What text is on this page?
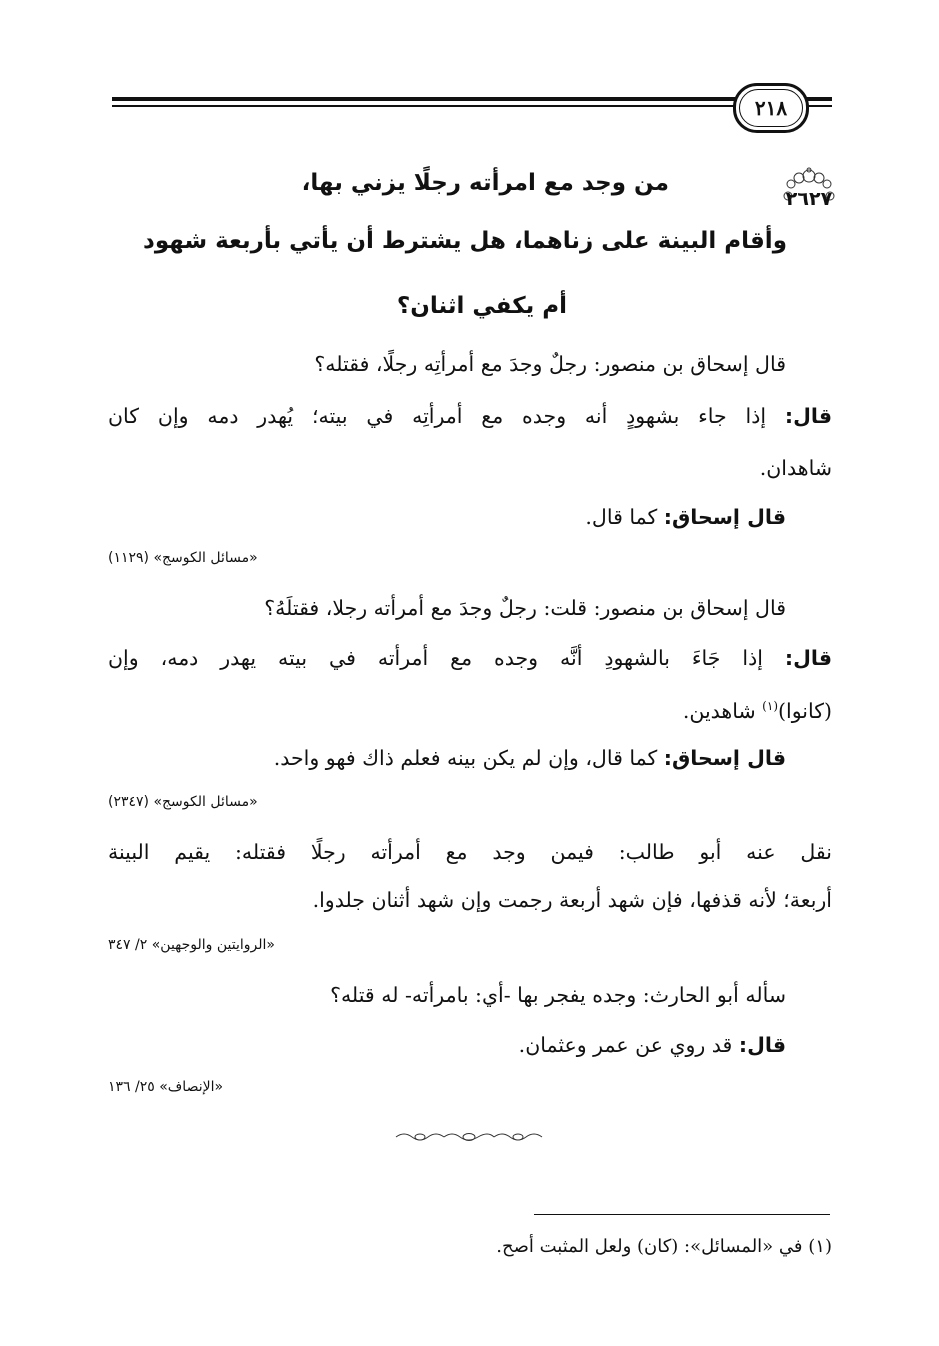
٢١٨
٢٦٢٧
من وجد مع امرأته رجلًا يزني بها،
وأقام البينة على زناهما، هل يشترط أن يأتي بأربعة شهود
أم يكفي اثنان؟
قال إسحاق بن منصور: رجلٌ وجدَ مع أمرأتِه رجلًا، فقتله؟
قال: إذا جاء بشهودٍ أنه وجده مع أمرأتِه في بيته؛ يُهدر دمه وإن كان
شاهدان.
قال إسحاق: كما قال.
«مسائل الكوسج» (١١٢٩)
قال إسحاق بن منصور: قلت: رجلٌ وجدَ مع أمرأته رجلا، فقتلَهُ؟
قال: إذا جَاءَ بالشهودِ أنَّه وجده مع أمرأته في بيته يهدر دمه، وإن
(كانوا)$^{(١)}$ شاهدين.
قال إسحاق: كما قال، وإن لم يكن بينه فعلم ذاك فهو واحد.
«مسائل الكوسج» (٢٣٤٧)
نقل عنه أبو طالب: فيمن وجد مع أمرأته رجلًا فقتله: يقيم البينة
أربعة؛ لأنه قذفها، فإن شهد أربعة رجمت وإن شهد أثنان جلدوا.
«الروايتين والوجهين» ٢/ ٣٤٧
سأله أبو الحارث: وجده يفجر بها -أي: بامرأته- له قتله؟
قال: قد روي عن عمر وعثمان.
«الإنصاف» ٢٥/ ١٣٦
(١) في «المسائل»: (كان) ولعل المثبت أصح.
